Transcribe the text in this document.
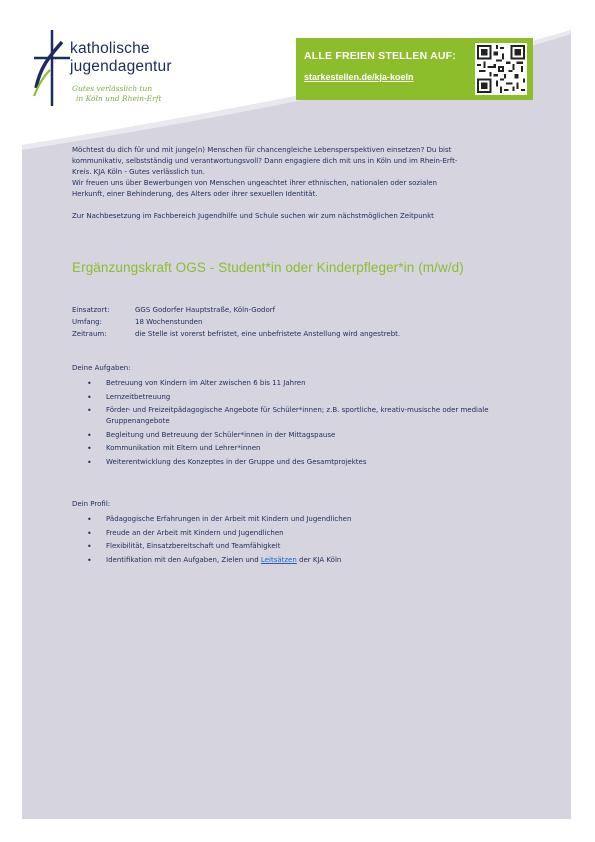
katholische
jugendagentur
Gutes verlässlich tun
in Köln und Rhein-Erft
ALLE FREIEN STELLEN AUF:
starkestellen.de/kja-koeln

Möchtest du dich für und mit junge(n) Menschen für chancengleiche Lebensperspektiven einsetzen? Du bist

kommunikativ, selbstständig und verantwortungsvoll? Dann engagiere dich mit uns in Köln und im Rhein-Erft-

Kreis. KJA Köln - Gutes verlässlich tun.

Wir freuen uns über Bewerbungen von Menschen ungeachtet ihrer ethnischen, nationalen oder sozialen

Herkunft, einer Behinderung, des Alters oder ihrer sexuellen Identität.

Zur Nachbesetzung im Fachbereich Jugendhilfe und Schule suchen wir zum nächstmöglichen Zeitpunkt
Ergänzungskraft OGS - Student*in oder Kinderpfleger*in (m/w/d)
Einsatzort:	GGS Godorfer Hauptstraße, Köln-Godorf
Umfang:	18 Wochenstunden
Zeitraum:	die Stelle ist vorerst befristet, eine unbefristete Anstellung wird angestrebt.
Deine Aufgaben:
• Betreuung von Kindern im Alter zwischen 6 bis 11 Jahren
• Lernzeitbetreuung
• Förder- und Freizeitpädagogische Angebote für Schüler*innen; z.B. sportliche, kreativ-musische oder mediale Gruppenangebote
• Begleitung und Betreuung der Schüler*innen in der Mittagspause
• Kommunikation mit Eltern und Lehrer*innen
• Weiterentwicklung des Konzeptes in der Gruppe und des Gesamtprojektes
Dein Profil:
• Pädagogische Erfahrungen in der Arbeit mit Kindern und Jugendlichen
• Freude an der Arbeit mit Kindern und Jugendlichen
• Flexibilität, Einsatzbereitschaft und Teamfähigkeit
• Identifikation mit den Aufgaben, Zielen und Leitsätzen der KJA Köln
